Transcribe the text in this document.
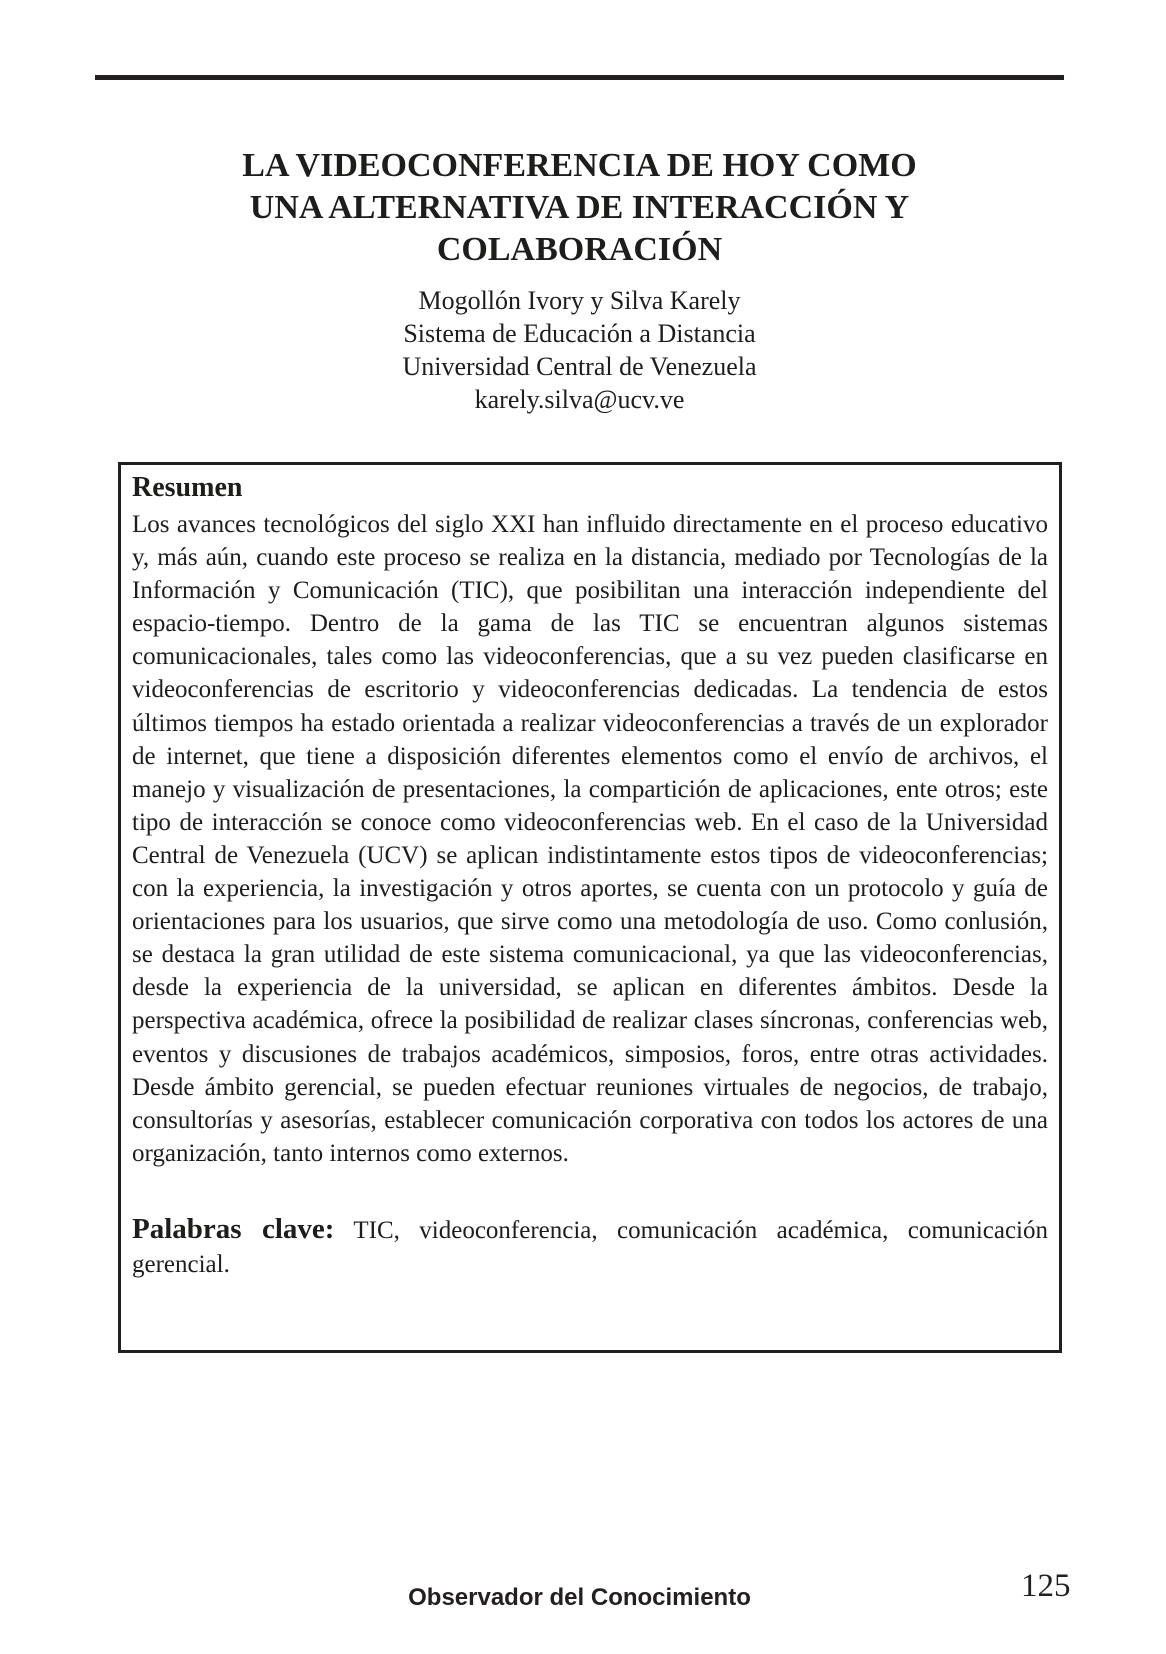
LA VIDEOCONFERENCIA DE HOY COMO
UNA ALTERNATIVA DE INTERACCIÓN Y
COLABORACIÓN
Mogollón Ivory y Silva Karely
Sistema de Educación a Distancia
Universidad Central de Venezuela
karely.silva@ucv.ve
Resumen

Los avances tecnológicos del siglo XXI han influido directamente en el proceso educativo y, más aún, cuando este proceso se realiza en la distancia, mediado por Tecnologías de la Información y Comunicación (TIC), que posibilitan una interacción independiente del espacio-tiempo. Dentro de la gama de las TIC se encuentran algunos sistemas comunicacionales, tales como las videoconferencias, que a su vez pueden clasificarse en videoconferencias de escritorio y videoconferencias dedicadas. La tendencia de estos últimos tiempos ha estado orientada a realizar videoconferencias a través de un explorador de internet, que tiene a disposición diferentes elementos como el envío de archivos, el manejo y visualización de presentaciones, la compartición de aplicaciones, ente otros; este tipo de interacción se conoce como videoconferencias web. En el caso de la Universidad Central de Venezuela (UCV) se aplican indistintamente estos tipos de videoconferencias; con la experiencia, la investigación y otros aportes, se cuenta con un protocolo y guía de orientaciones para los usuarios, que sirve como una metodología de uso. Como conlusión, se destaca la gran utilidad de este sistema comunicacional, ya que las videoconferencias, desde la experiencia de la universidad, se aplican en diferentes ámbitos. Desde la perspectiva académica, ofrece la posibilidad de realizar clases síncronas, conferencias web, eventos y discusiones de trabajos académicos, simposios, foros, entre otras actividades. Desde ámbito gerencial, se pueden efectuar reuniones virtuales de negocios, de trabajo, consultorías y asesorías, establecer comunicación corporativa con todos los actores de una organización, tanto internos como externos.

Palabras clave: TIC, videoconferencia, comunicación académica, comunicación gerencial.

Observador del Conocimiento	125
